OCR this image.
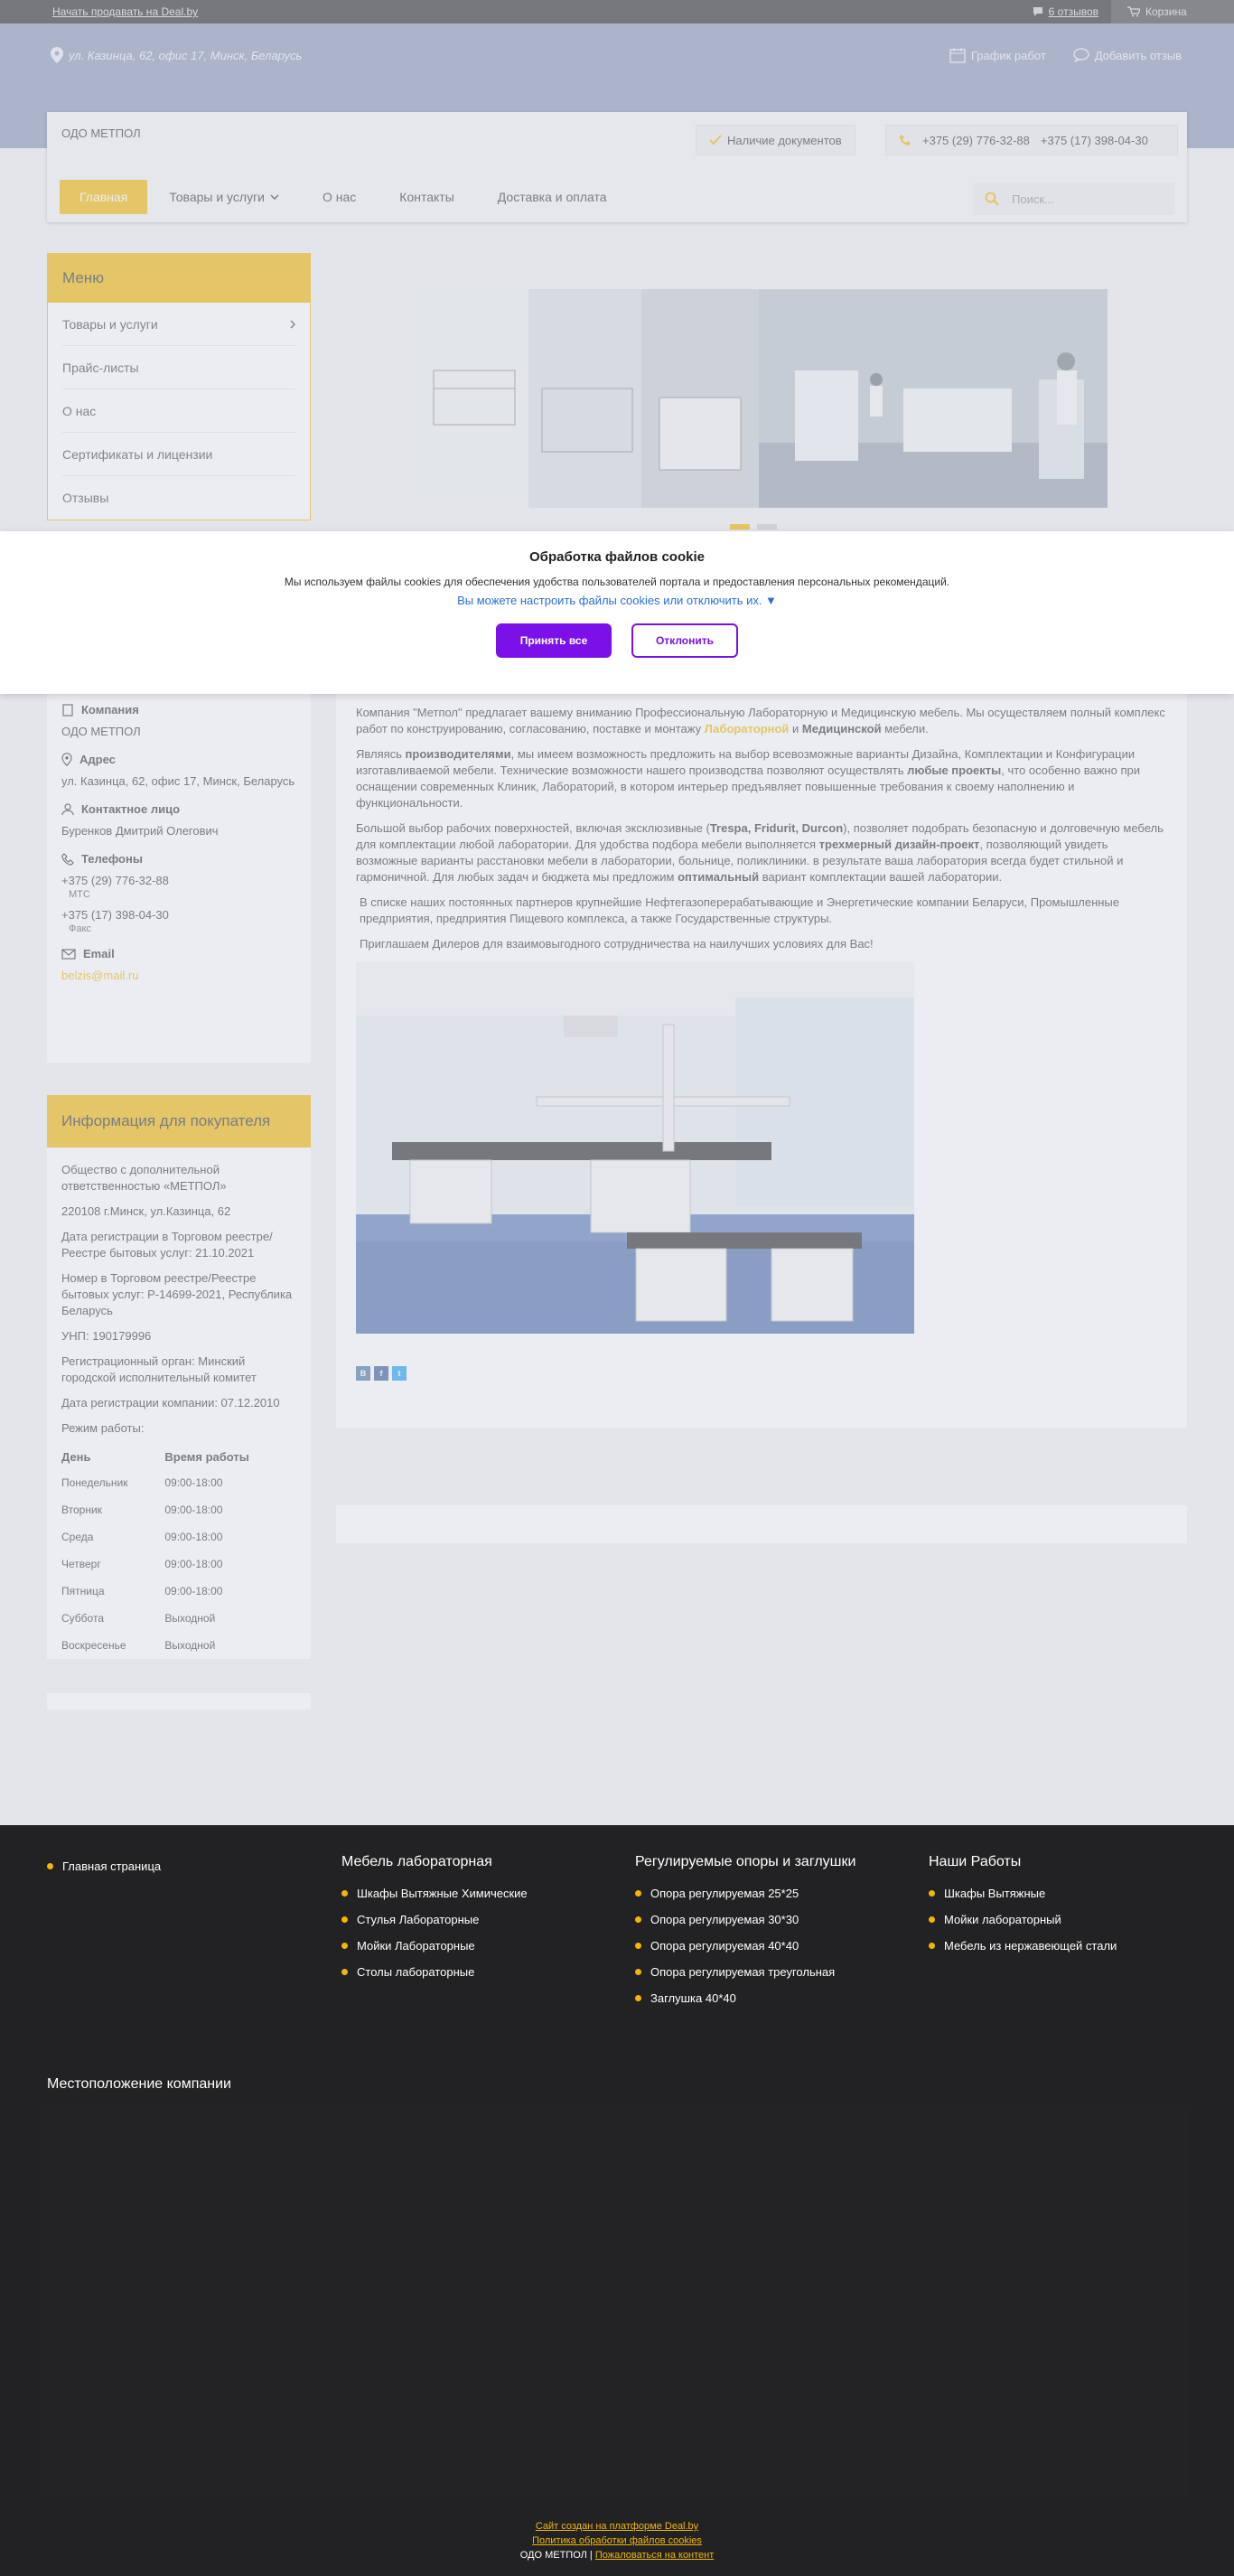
Начать продавать на Deal.by	6 отзывов	Корзина
ул. Казинца, 62, офис 17, Минск, Беларусь	График работ	Добавить отзыв
ОДО МЕТПОЛ	Наличие документов	+375 (29) 776-32-88 +375 (17) 398-04-30
Главная	Товары и услуги	О нас	Контакты	Доставка и оплата	Поиск...
Меню
Товары и услуги
Прайс-листы
О нас
Сертификаты и лицензии
Отзывы
Компания
ОДО МЕТПОЛ
Адрес
ул. Казинца, 62, офис 17, Минск, Беларусь
Контактное лицо
Буренков Дмитрий Олегович
Телефоны
+375 (29) 776-32-88
МТС
+375 (17) 398-04-30
Факс
Email
belzis@mail.ru
Информация для покупателя

Общество с дополнительной ответственностью «МЕТПОЛ»

220108 г.Минск, ул.Казинца, 62

Дата регистрации в Торговом реестре/Реестре бытовых услуг: 21.10.2021

Номер в Торговом реестре/Реестре бытовых услуг: Р-14699-2021, Республика Беларусь

УНП: 190179996

Регистрационный орган: Минский городской исполнительный комитет

Дата регистрации компании: 07.12.2010

Режим работы:

День	Время работы
Понедельник	09:00-18:00
Вторник	09:00-18:00
Среда	09:00-18:00
Четверг	09:00-18:00
Пятница	09:00-18:00
Суббота	Выходной
Воскресенье	Выходной

Компания "Метпол" предлагает вашему вниманию Профессиональную Лабораторную и Медицинскую мебель. Мы осуществляем полный комплекс работ по конструированию, согласованию, поставке и монтажу Лабораторной и Медицинской мебели.

Являясь производителями, мы имеем возможность предложить на выбор всевозможные варианты Дизайна, Комплектации и Конфигурации изготавливаемой мебели. Технические возможности нашего производства позволяют осуществлять любые проекты, что особенно важно при оснащении современных Клиник, Лабораторий, в котором интерьер предъявляет повышенные требования к своему наполнению и функциональности.

Большой выбор рабочих поверхностей, включая эксклюзивные (Trespa, Fridurit, Durcon), позволяет подобрать безопасную и долговечную мебель для комплектации любой лаборатории. Для удобства подбора мебели выполняется трехмерный дизайн-проект, позволяющий увидеть возможные варианты расстановки мебели в лаборатории, больнице, поликлиники. в результате ваша лаборатория всегда будет стильной и гармоничной. Для любых задач и бюджета мы предложим оптимальный вариант комплектации вашей лаборатории.

В списке наших постоянных партнеров крупнейшие Нефтегазоперерабатывающие и Энергетические компании Беларуси, Промышленные предприятия, предприятия Пищевого комплекса, а также Государственные структуры.

Приглашаем Дилеров для взаимовыгодного сотрудничества на наилучших условиях для Вас!

В	f	t
Обработка файлов cookie
Мы используем файлы cookies для обеспечения удобства пользователей портала и предоставления персональных рекомендаций.
Вы можете настроить файлы cookies или отключить их. ▼
Принять все	Отклонить
Главная страница	Мебель лабораторная
Шкафы Вытяжные Химические
Стулья Лабораторные
Мойки Лабораторные
Столы лабораторные
Регулируемые опоры и заглушки
Опора регулируемая 25*25
Опора регулируемая 30*30
Опора регулируемая 40*40
Опора регулируемая треугольная
Заглушка 40*40
Наши Работы
Шкафы Вытяжные
Мойки лабораторный
Мебель из нержавеющей стали
Местоположение компании
Сайт создан на платформе Deal.by
Политика обработки файлов cookies
ОДО МЕТПОЛ | Пожаловаться на контент
